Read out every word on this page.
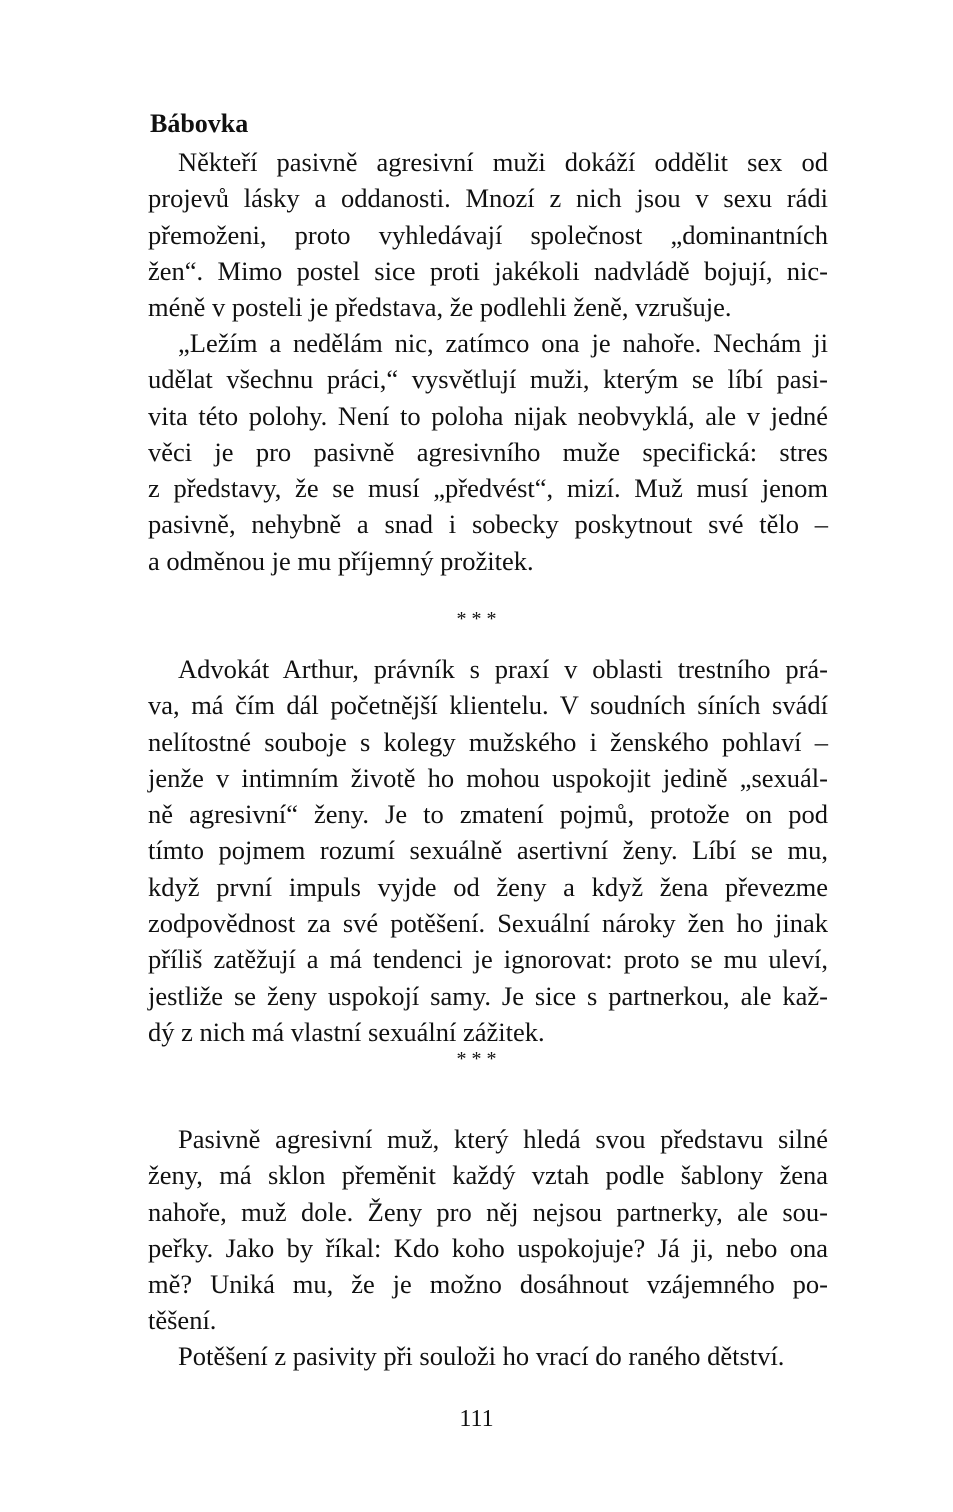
Bábovka
Někteří pasivně agresivní muži dokáží oddělit sex od
projevů lásky a oddanosti. Mnozí z nich jsou v sexu rádi
přemoženi, proto vyhledávají společnost „dominantních
žen“. Mimo postel sice proti jakékoli nadvládě bojují, nic-
méně v posteli je představa, že podlehli ženě, vzrušuje.
„Ležím a nedělám nic, zatímco ona je nahoře. Nechám ji
udělat všechnu práci,“ vysvětlují muži, kterým se líbí pasi-
vita této polohy. Není to poloha nijak neobvyklá, ale v jedné
věci je pro pasivně agresivního muže specifická: stres
z představy, že se musí „předvést“, mizí. Muž musí jenom
pasivně, nehybně a snad i sobecky poskytnout své tělo –
a odměnou je mu příjemný prožitek.
* * *
Advokát Arthur, právník s praxí v oblasti trestního prá-
va, má čím dál početnější klientelu. V soudních síních svádí
nelítostné souboje s kolegy mužského i ženského pohlaví –
jenže v intimním životě ho mohou uspokojit jedině „sexuál-
ně agresivní“ ženy. Je to zmatení pojmů, protože on pod
tímto pojmem rozumí sexuálně asertivní ženy. Líbí se mu,
když první impuls vyjde od ženy a když žena převezme
zodpovědnost za své potěšení. Sexuální nároky žen ho jinak
příliš zatěžují a má tendenci je ignorovat: proto se mu uleví,
jestliže se ženy uspokojí samy. Je sice s partnerkou, ale kaž-
dý z nich má vlastní sexuální zážitek.
* * *
Pasivně agresivní muž, který hledá svou představu silné
ženy, má sklon přeměnit každý vztah podle šablony žena
nahoře, muž dole. Ženy pro něj nejsou partnerky, ale sou-
peřky. Jako by říkal: Kdo koho uspokojuje? Já ji, nebo ona
mě? Uniká mu, že je možno dosáhnout vzájemného po-
těšení.
Potěšení z pasivity při souloži ho vrací do raného dětství.
111
